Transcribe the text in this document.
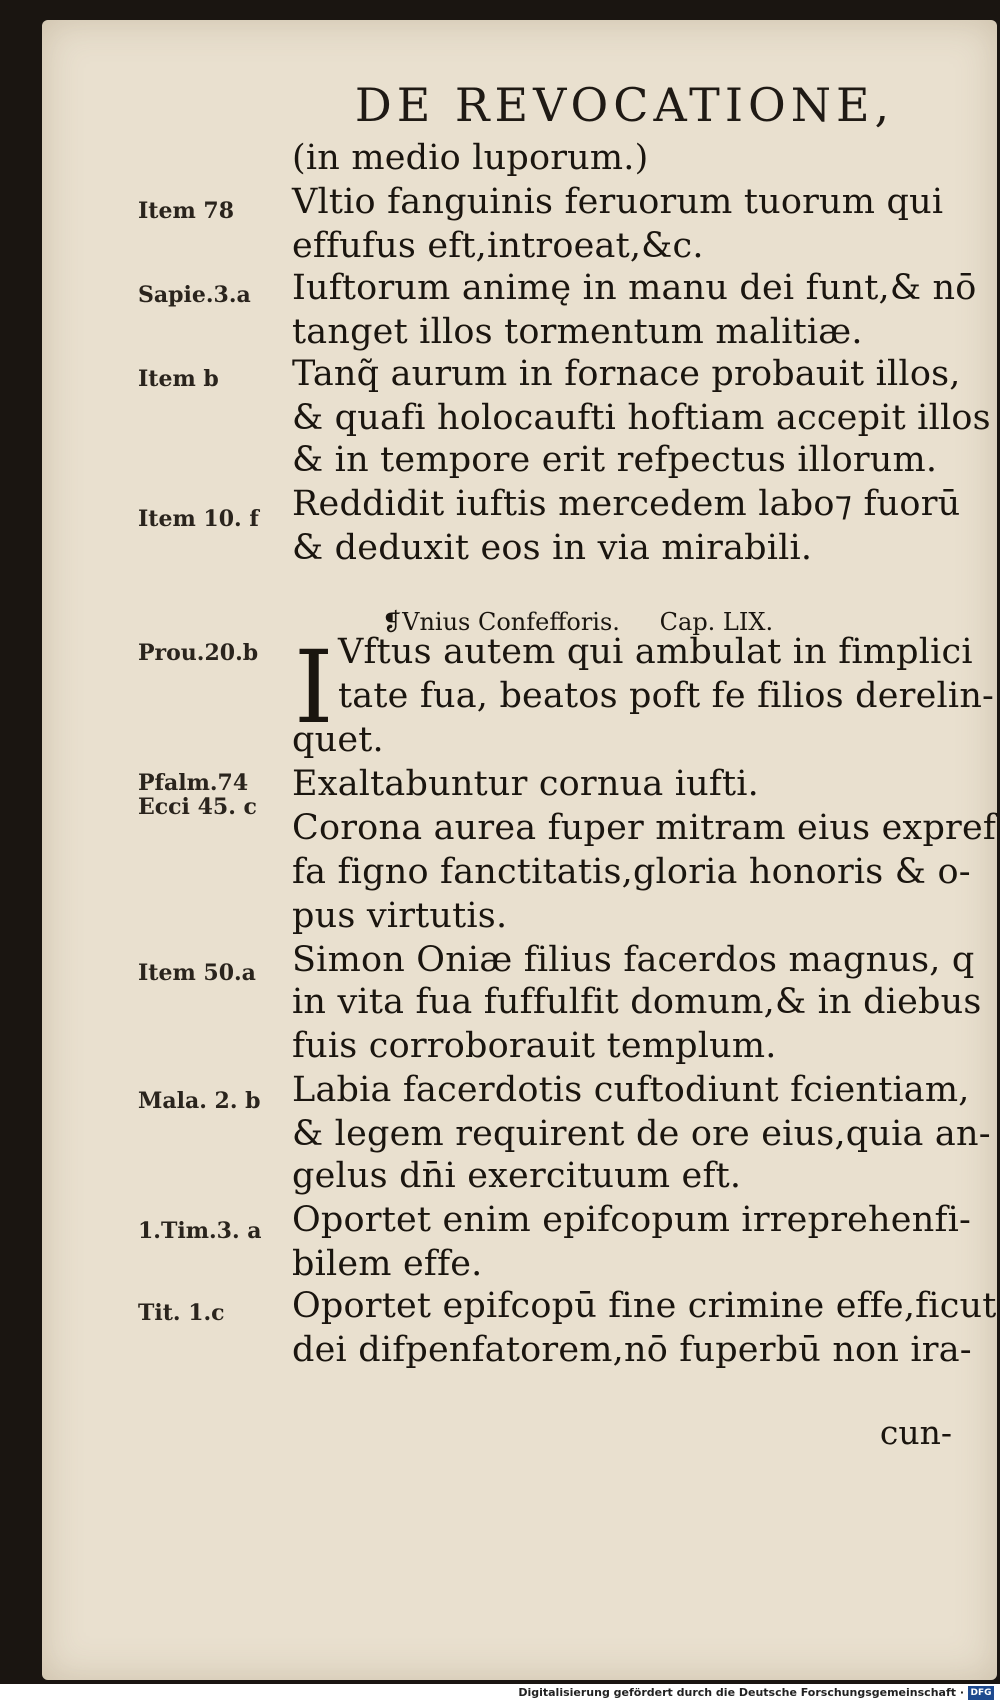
DE REVOCATIONE,
Item 78
Sapie.3.a
Item b
Item 10. f
Prou.20.b
Pfalm.74
Ecci 45. c
Item 50.a
Mala. 2. b
1.Tim.3. a
Tit. 1.c
(in medio luporum.)
Vltio fanguinis feruorum tuorum qui
effufus eft,introeat,&c.
Iuftorum animę in manu dei funt,& nō
tanget illos tormentum malitiæ.
Tanq̃ aurum in fornace probauit illos,
& quafi holocaufti hoftiam accepit illos
& in tempore erit refpectus illorum.
Reddidit iuftis mercedem labo⁊ fuorū
& deduxit eos in via mirabili.
❡Vnius Confefforis. Cap. LIX.
I Vftus autem qui ambulat in fimplici
tate fua, beatos poft fe filios derelin-
quet.
Exaltabuntur cornua iufti.
Corona aurea fuper mitram eius expref
fa figno fanctitatis,gloria honoris & o-
pus virtutis.
Simon Oniæ filius facerdos magnus, q
in vita fua fuffulfit domum,& in diebus
fuis corroborauit templum.
Labia facerdotis cuftodiunt fcientiam,
& legem requirent de ore eius,quia an-
gelus dn̄i exercituum eft.
Oportet enim epifcopum irreprehenfi-
bilem effe.
Oportet epifcopū fine crimine effe,ficut
dei difpenfatorem,nō fuperbū non ira-
cun-
Digitalisierung gefördert durch die Deutsche Forschungsgemeinschaft · DFG
